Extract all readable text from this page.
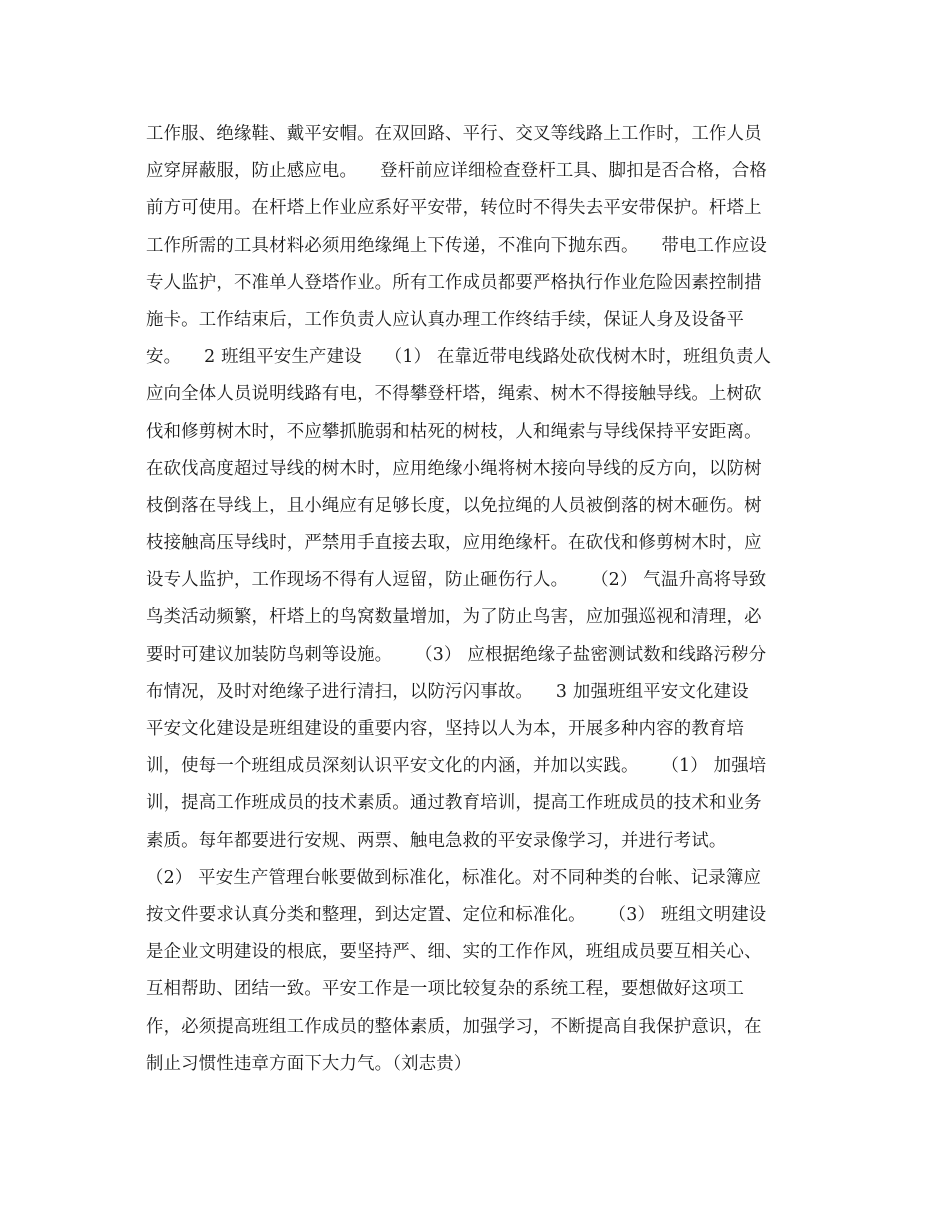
工作服、绝缘鞋、戴平安帽。在双回路、平行、交叉等线路上工作时，工作人员
应穿屏蔽服，防止感应电。    登杆前应详细检查登杆工具、脚扣是否合格，合格
前方可使用。在杆塔上作业应系好平安带，转位时不得失去平安带保护。杆塔上
工作所需的工具材料必须用绝缘绳上下传递，不准向下抛东西。    带电工作应设
专人监护，不准单人登塔作业。所有工作成员都要严格执行作业危险因素控制措
施卡。工作结束后，工作负责人应认真办理工作终结手续，保证人身及设备平
安。    2 班组平安生产建设    （1） 在靠近带电线路处砍伐树木时，班组负责人
应向全体人员说明线路有电，不得攀登杆塔，绳索、树木不得接触导线。上树砍
伐和修剪树木时，不应攀抓脆弱和枯死的树枝，人和绳索与导线保持平安距离。
在砍伐高度超过导线的树木时，应用绝缘小绳将树木接向导线的反方向，以防树
枝倒落在导线上，且小绳应有足够长度，以免拉绳的人员被倒落的树木砸伤。树
枝接触高压导线时，严禁用手直接去取，应用绝缘杆。在砍伐和修剪树木时，应
设专人监护，工作现场不得有人逗留，防止砸伤行人。    （2） 气温升高将导致
鸟类活动频繁，杆塔上的鸟窝数量增加，为了防止鸟害，应加强巡视和清理，必
要时可建议加装防鸟刺等设施。    （3） 应根据绝缘子盐密测试数和线路污秽分
布情况，及时对绝缘子进行清扫，以防污闪事故。    3 加强班组平安文化建设
平安文化建设是班组建设的重要内容，坚持以人为本，开展多种内容的教育培
训，使每一个班组成员深刻认识平安文化的内涵，并加以实践。    （1） 加强培
训，提高工作班成员的技术素质。通过教育培训，提高工作班成员的技术和业务
素质。每年都要进行安规、两票、触电急救的平安录像学习，并进行考试。
（2） 平安生产管理台帐要做到标准化，标准化。对不同种类的台帐、记录簿应
按文件要求认真分类和整理，到达定置、定位和标准化。    （3） 班组文明建设
是企业文明建设的根底，要坚持严、细、实的工作作风，班组成员要互相关心、
互相帮助、团结一致。平安工作是一项比较复杂的系统工程，要想做好这项工
作，必须提高班组工作成员的整体素质，加强学习，不断提高自我保护意识，在
制止习惯性违章方面下大力气。（刘志贵）
